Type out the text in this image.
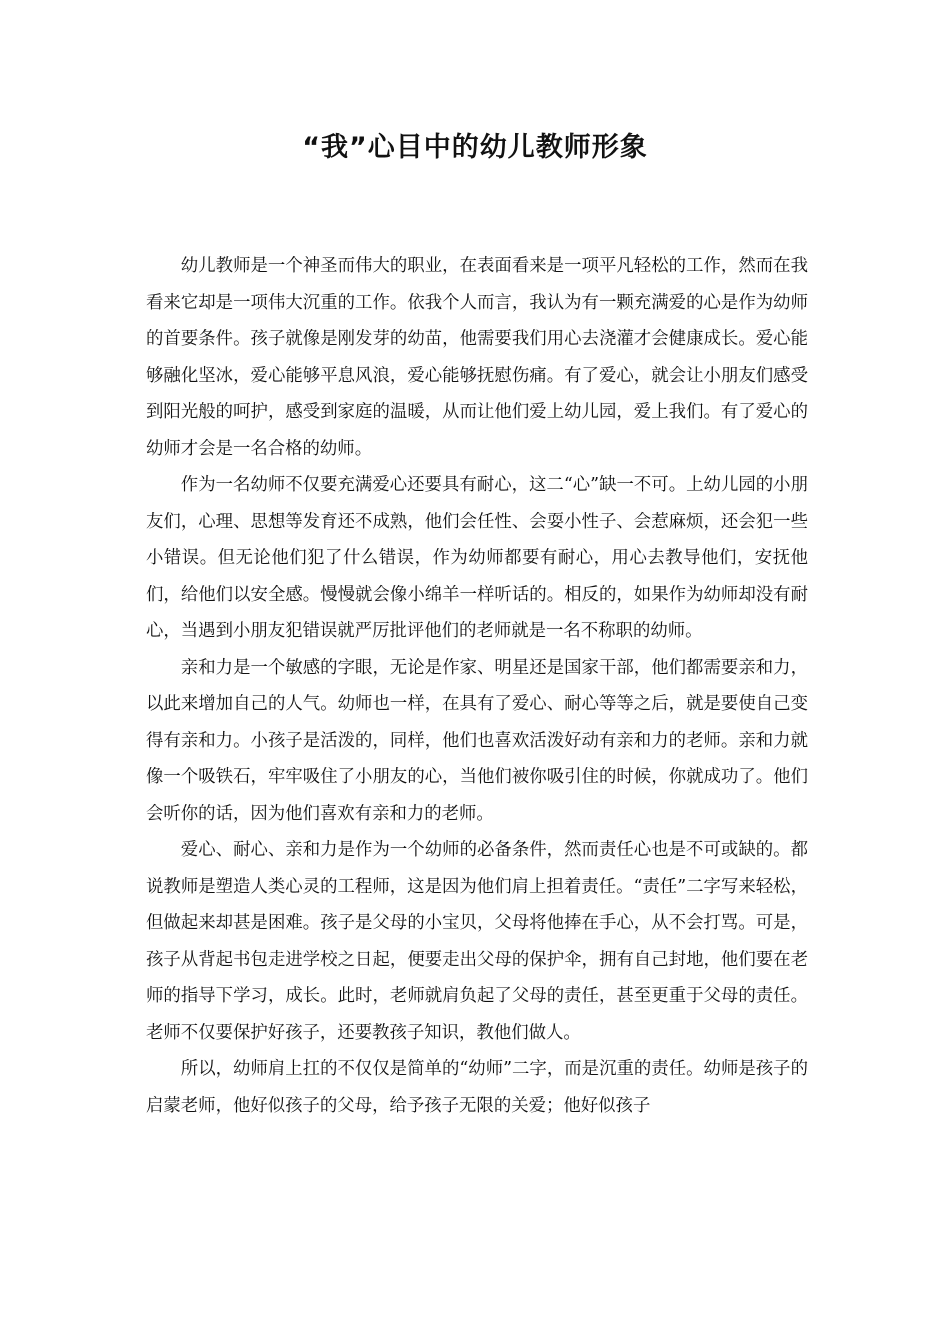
“我”心目中的幼儿教师形象

幼儿教师是一个神圣而伟大的职业，在表面看来是一项平凡轻松的工作，然而在我看来它却是一项伟大沉重的工作。依我个人而言，我认为有一颗充满爱的心是作为幼师的首要条件。孩子就像是刚发芽的幼苗，他需要我们用心去浇灌才会健康成长。爱心能够融化坚冰，爱心能够平息风浪，爱心能够抚慰伤痛。有了爱心，就会让小朋友们感受到阳光般的呵护，感受到家庭的温暖，从而让他们爱上幼儿园，爱上我们。有了爱心的幼师才会是一名合格的幼师。

作为一名幼师不仅要充满爱心还要具有耐心，这二“心”缺一不可。上幼儿园的小朋友们，心理、思想等发育还不成熟，他们会任性、会耍小性子、会惹麻烦，还会犯一些小错误。但无论他们犯了什么错误，作为幼师都要有耐心，用心去教导他们，安抚他们，给他们以安全感。慢慢就会像小绵羊一样听话的。相反的，如果作为幼师却没有耐心，当遇到小朋友犯错误就严厉批评他们的老师就是一名不称职的幼师。

亲和力是一个敏感的字眼，无论是作家、明星还是国家干部，他们都需要亲和力，以此来增加自己的人气。幼师也一样，在具有了爱心、耐心等等之后，就是要使自己变得有亲和力。小孩子是活泼的，同样，他们也喜欢活泼好动有亲和力的老师。亲和力就像一个吸铁石，牢牢吸住了小朋友的心，当他们被你吸引住的时候，你就成功了。他们会听你的话，因为他们喜欢有亲和力的老师。

爱心、耐心、亲和力是作为一个幼师的必备条件，然而责任心也是不可或缺的。都说教师是塑造人类心灵的工程师，这是因为他们肩上担着责任。“责任”二字写来轻松，但做起来却甚是困难。孩子是父母的小宝贝，父母将他捧在手心，从不会打骂。可是，孩子从背起书包走进学校之日起，便要走出父母的保护伞，拥有自己封地，他们要在老师的指导下学习，成长。此时，老师就肩负起了父母的责任，甚至更重于父母的责任。老师不仅要保护好孩子，还要教孩子知识，教他们做人。

所以，幼师肩上扛的不仅仅是简单的“幼师”二字，而是沉重的责任。幼师是孩子的启蒙老师，他好似孩子的父母，给予孩子无限的关爱；他好似孩子
